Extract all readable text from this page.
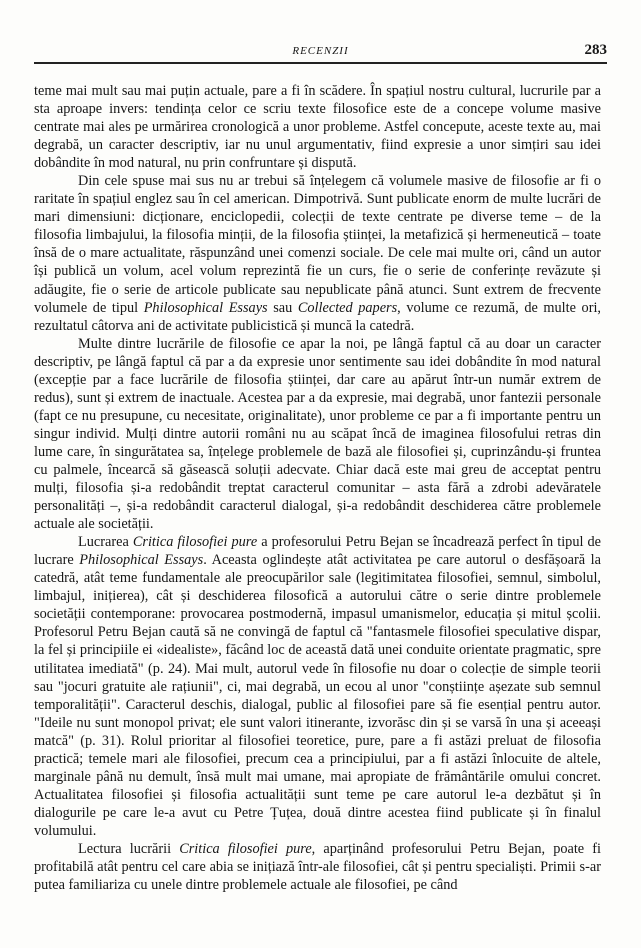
RECENZII	283

teme mai mult sau mai puțin actuale, pare a fi în scădere. În spațiul nostru cultural, lucrurile par a sta aproape invers: tendința celor ce scriu texte filosofice este de a concepe volume masive centrate mai ales pe urmărirea cronologică a unor probleme. Astfel concepute, aceste texte au, mai degrabă, un caracter descriptiv, iar nu unul argumentativ, fiind expresie a unor simțiri sau idei dobândite în mod natural, nu prin confruntare și dispută.

Din cele spuse mai sus nu ar trebui să înțelegem că volumele masive de filosofie ar fi o raritate în spațiul englez sau în cel american. Dimpotrivă. Sunt publicate enorm de multe lucrări de mari dimensiuni: dicționare, enciclopedii, colecții de texte centrate pe diverse teme – de la filosofia limbajului, la filosofia minții, de la filosofia științei, la metafizică și hermeneutică – toate însă de o mare actualitate, răspunzând unei comenzi sociale. De cele mai multe ori, când un autor își publică un volum, acel volum reprezintă fie un curs, fie o serie de conferințe revăzute și adăugite, fie o serie de articole publicate sau nepublicate până atunci. Sunt extrem de frecvente volumele de tipul Philosophical Essays sau Collected papers, volume ce rezumă, de multe ori, rezultatul câtorva ani de activitate publicistică și muncă la catedră.

Multe dintre lucrările de filosofie ce apar la noi, pe lângă faptul că au doar un caracter descriptiv, pe lângă faptul că par a da expresie unor sentimente sau idei dobândite în mod natural (excepție par a face lucrările de filosofia științei, dar care au apărut într-un număr extrem de redus), sunt și extrem de inactuale. Acestea par a da expresie, mai degrabă, unor fantezii personale (fapt ce nu presupune, cu necesitate, originalitate), unor probleme ce par a fi importante pentru un singur individ. Mulți dintre autorii români nu au scăpat încă de imaginea filosofului retras din lume care, în singurătatea sa, înțelege problemele de bază ale filosofiei și, cuprinzându-și fruntea cu palmele, încearcă să găsească soluții adecvate. Chiar dacă este mai greu de acceptat pentru mulți, filosofia și-a redobândit treptat caracterul comunitar – asta fără a zdrobi adevăratele personalități –, și-a redobândit caracterul dialogal, și-a redobândit deschiderea către problemele actuale ale societății.

Lucrarea Critica filosofiei pure a profesorului Petru Bejan se încadrează perfect în tipul de lucrare Philosophical Essays. Aceasta oglindește atât activitatea pe care autorul o desfășoară la catedră, atât teme fundamentale ale preocupărilor sale (legitimitatea filosofiei, semnul, simbolul, limbajul, inițierea), cât și deschiderea filosofică a autorului către o serie dintre problemele societății contemporane: provocarea postmodernă, impasul umanismelor, educația și mitul școlii. Profesorul Petru Bejan caută să ne convingă de faptul că "fantasmele filosofiei speculative dispar, la fel și principiile ei «idealiste», făcând loc de această dată unei conduite orientate pragmatic, spre utilitatea imediată" (p. 24). Mai mult, autorul vede în filosofie nu doar o colecție de simple teorii sau "jocuri gratuite ale rațiunii", ci, mai degrabă, un ecou al unor "conștiințe așezate sub semnul temporalității". Caracterul deschis, dialogal, public al filosofiei pare să fie esențial pentru autor. "Ideile nu sunt monopol privat; ele sunt valori itinerante, izvorăsc din și se varsă în una și aceeași matcă" (p. 31). Rolul prioritar al filosofiei teoretice, pure, pare a fi astăzi preluat de filosofia practică; temele mari ale filosofiei, precum cea a principiului, par a fi astăzi înlocuite de altele, marginale până nu demult, însă mult mai umane, mai apropiate de frământările omului concret. Actualitatea filosofiei și filosofia actualității sunt teme pe care autorul le-a dezbătut și în dialogurile pe care le-a avut cu Petre Țuțea, două dintre acestea fiind publicate și în finalul volumului.

Lectura lucrării Critica filosofiei pure, aparținând profesorului Petru Bejan, poate fi profitabilă atât pentru cel care abia se inițiază într-ale filosofiei, cât și pentru specialiști. Primii s-ar putea familiariza cu unele dintre problemele actuale ale filosofiei, pe când
